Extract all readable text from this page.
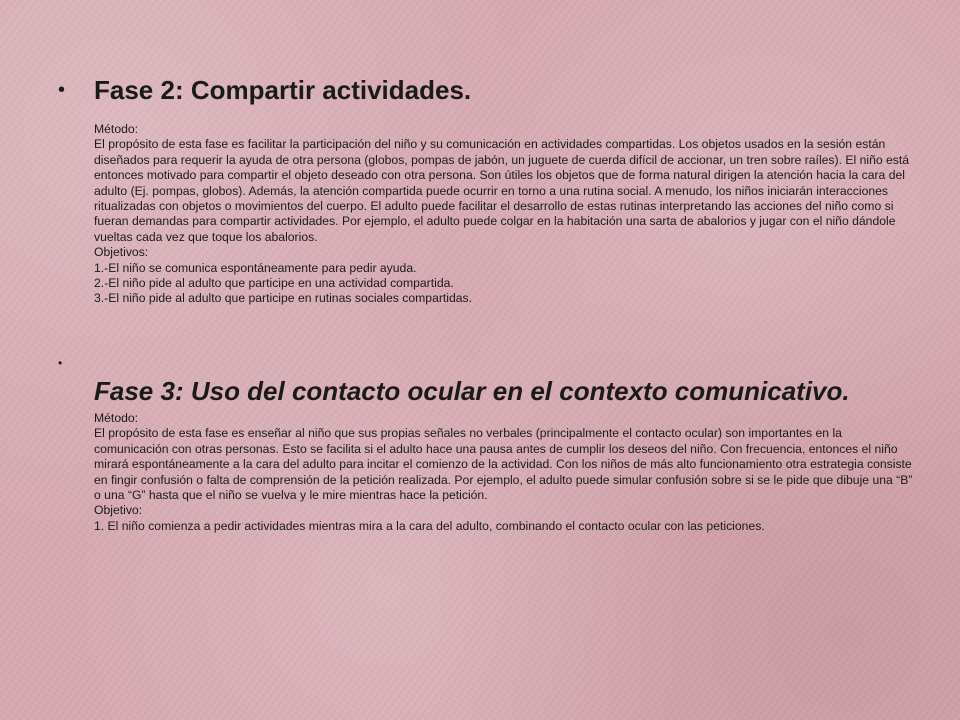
• Fase 2: Compartir actividades.
Método:
El propósito de esta fase es facilitar la participación del niño y su comunicación en actividades compartidas. Los objetos usados en la sesión están diseñados para requerir la ayuda de otra persona (globos, pompas de jabón, un juguete de cuerda difícil de accionar, un tren sobre raíles). El niño está entonces motivado para compartir el objeto deseado con otra persona. Son útiles los objetos que de forma natural dirigen la atención hacia la cara del adulto (Ej. pompas, globos). Además, la atención compartida puede ocurrir en torno a una rutina social. A menudo, los niños iniciarán interacciones ritualizadas con objetos o movimientos del cuerpo. El adulto puede facilitar el desarrollo de estas rutinas interpretando las acciones del niño como si fueran demandas para compartir actividades. Por ejemplo, el adulto puede colgar en la habitación una sarta de abalorios y jugar con el niño dándole vueltas cada vez que toque los abalorios.
Objetivos:
1.-El niño se comunica espontáneamente para pedir ayuda.
2.-El niño pide al adulto que participe en una actividad compartida.
3.-El niño pide al adulto que participe en rutinas sociales compartidas.
•
Fase 3: Uso del contacto ocular en el contexto comunicativo.
Método:
El propósito de esta fase es enseñar al niño que sus propias señales no verbales (principalmente el contacto ocular) son importantes en la comunicación con otras personas. Esto se facilita si el adulto hace una pausa antes de cumplir los deseos del niño. Con frecuencia, entonces el niño mirará espontáneamente a la cara del adulto para incitar el comienzo de la actividad. Con los niños de más alto funcionamiento otra estrategia consiste en fingir confusión o falta de comprensión de la petición realizada. Por ejemplo, el adulto puede simular confusión sobre si se le pide que dibuje una “B” o una “G” hasta que el niño se vuelva y le mire mientras hace la petición.
Objetivo:
1. El niño comienza a pedir actividades mientras mira a la cara del adulto, combinando el contacto ocular con las peticiones.
